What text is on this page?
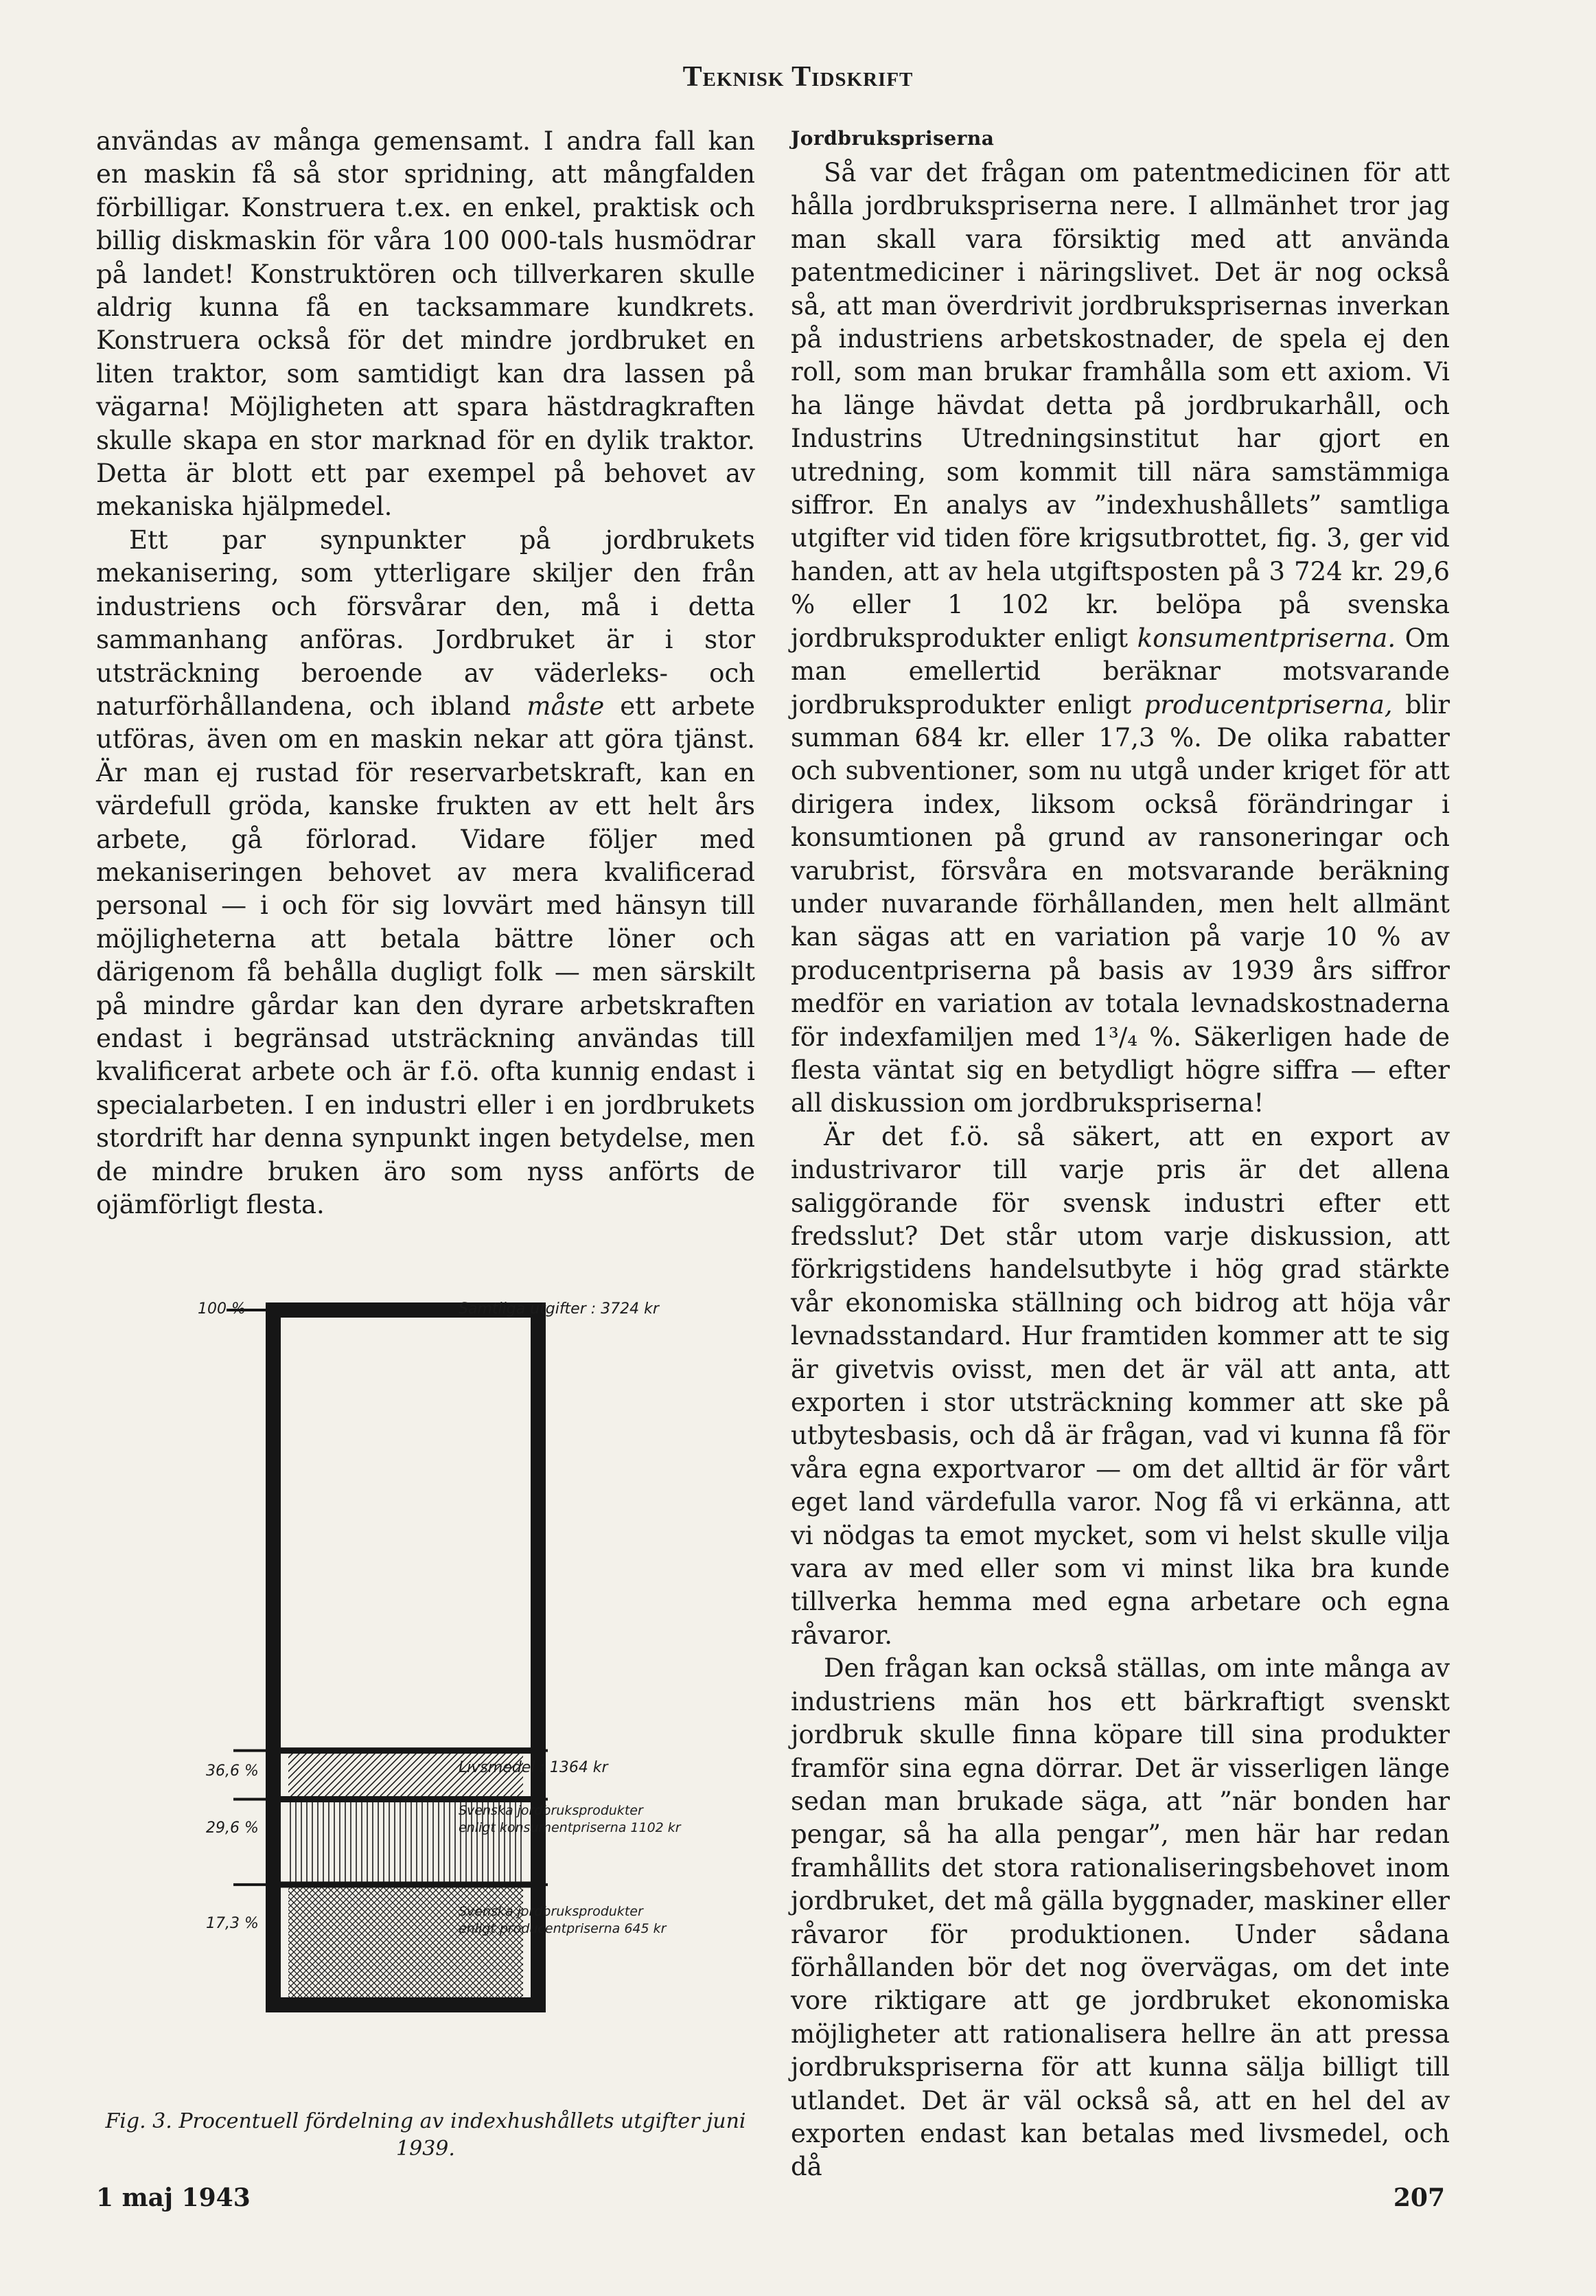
Teknisk Tidskrift

användas av många gemensamt. I andra fall kan en maskin få så stor spridning, att mångfalden förbilligar. Konstruera t.ex. en enkel, praktisk och billig diskmaskin för våra 100 000-tals husmödrar på landet! Konstruktören och tillverkaren skulle aldrig kunna få en tacksammare kundkrets. Konstruera också för det mindre jordbruket en liten traktor, som samtidigt kan dra lassen på vägarna! Möjligheten att spara hästdragkraften skulle skapa en stor marknad för en dylik traktor. Detta är blott ett par exempel på behovet av mekaniska hjälpmedel.

Ett par synpunkter på jordbrukets mekanisering, som ytterligare skiljer den från industriens och försvårar den, må i detta sammanhang anföras. Jordbruket är i stor utsträckning beroende av väderleks- och naturförhållandena, och ibland måste ett arbete utföras, även om en maskin nekar att göra tjänst. Är man ej rustad för reservarbetskraft, kan en värdefull gröda, kanske frukten av ett helt års arbete, gå förlorad. Vidare följer med mekaniseringen behovet av mera kvalificerad personal — i och för sig lovvärt med hänsyn till möjligheterna att betala bättre löner och därigenom få behålla dugligt folk — men särskilt på mindre gårdar kan den dyrare arbetskraften endast i begränsad utsträckning användas till kvalificerat arbete och är f.ö. ofta kunnig endast i specialarbeten. I en industri eller i en jordbrukets stordrift har denna synpunkt ingen betydelse, men de mindre bruken äro som nyss anförts de ojämförligt flesta.

Jordbrukspriserna

Så var det frågan om patentmedicinen för att hålla jordbrukspriserna nere. I allmänhet tror jag man skall vara försiktig med att använda patentmediciner i näringslivet. Det är nog också så, att man överdrivit jordbruksprisernas inverkan på industriens arbetskostnader, de spela ej den roll, som man brukar framhålla som ett axiom. Vi ha länge hävdat detta på jordbrukarhåll, och Industrins Utredningsinstitut har gjort en utredning, som kommit till nära samstämmiga siffror. En analys av ”indexhushållets” samtliga utgifter vid tiden före krigsutbrottet, fig. 3, ger vid handen, att av hela utgiftsposten på 3 724 kr. 29,6 % eller 1 102 kr. belöpa på svenska jordbruksprodukter enligt konsumentpriserna. Om man emellertid beräknar motsvarande jordbruksprodukter enligt producentpriserna, blir summan 684 kr. eller 17,3 %. De olika rabatter och subventioner, som nu utgå under kriget för att dirigera index, liksom också förändringar i konsumtionen på grund av ransoneringar och varubrist, försvåra en motsvarande beräkning under nuvarande förhållanden, men helt allmänt kan sägas att en variation på varje 10 % av producentpriserna på basis av 1939 års siffror medför en variation av totala levnadskostnaderna för indexfamiljen med 1³/₄ %. Säkerligen hade de flesta väntat sig en betydligt högre siffra — efter all diskussion om jordbrukspriserna!

Är det f.ö. så säkert, att en export av industrivaror till varje pris är det allena saliggörande för svensk industri efter ett fredsslut? Det står utom varje diskussion, att förkrigstidens handelsutbyte i hög grad stärkte vår ekonomiska ställning och bidrog att höja vår levnadsstandard. Hur framtiden kommer att te sig är givetvis ovisst, men det är väl att anta, att exporten i stor utsträckning kommer att ske på utbytesbasis, och då är frågan, vad vi kunna få för våra egna exportvaror — om det alltid är för vårt eget land värdefulla varor. Nog få vi erkänna, att vi nödgas ta emot mycket, som vi helst skulle vilja vara av med eller som vi minst lika bra kunde tillverka hemma med egna arbetare och egna råvaror.

Den frågan kan också ställas, om inte många av industriens män hos ett bärkraftigt svenskt jordbruk skulle finna köpare till sina produkter framför sina egna dörrar. Det är visserligen länge sedan man brukade säga, att ”när bonden har pengar, så ha alla pengar”, men här har redan framhållits det stora rationaliseringsbehovet inom jordbruket, det må gälla byggnader, maskiner eller råvaror för produktionen. Under sådana förhållanden bör det nog övervägas, om det inte vore riktigare att ge jordbruket ekonomiska möjligheter att rationalisera hellre än att pressa jordbrukspriserna för att kunna sälja billigt till utlandet. Det är väl också så, att en hel del av exporten endast kan betalas med livsmedel, och då

100 %
36,6 %
29,6 %
17,3 %
Samtliga utgifter : 3724 kr
Livsmedel : 1364 kr
Svenska jordbruksprodukter
enligt konsumentpriserna 1102 kr
Svenska jordbruksprodukter
enligt producentpriserna 645 kr
Fig. 3. Procentuell fördelning av indexhushållets utgifter juni 1939.
1 maj 1943	207
